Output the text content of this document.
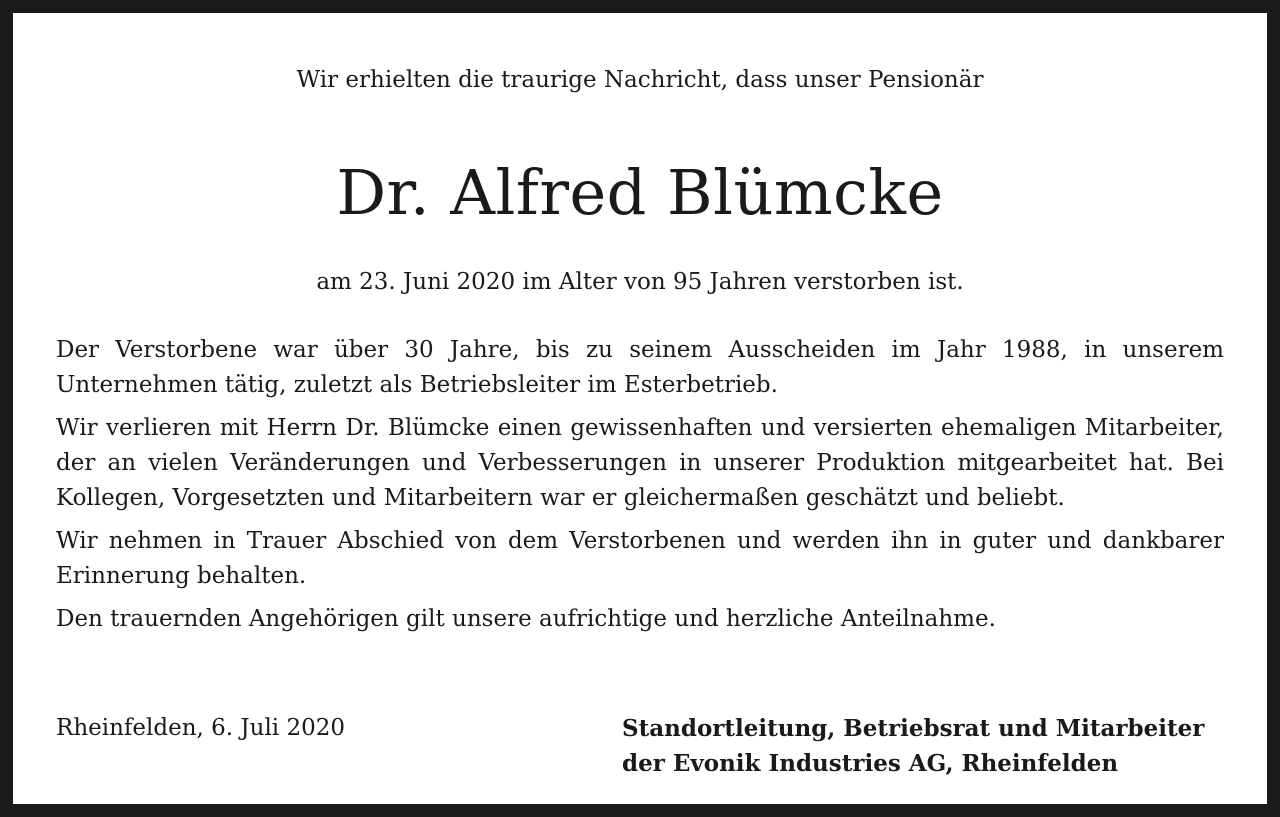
Wir erhielten die traurige Nachricht, dass unser Pensionär
Dr. Alfred Blümcke
am 23. Juni 2020 im Alter von 95 Jahren verstorben ist.

Der Verstorbene war über 30 Jahre, bis zu seinem Ausscheiden im Jahr 1988, in unserem Unternehmen tätig, zuletzt als Betriebsleiter im Esterbetrieb.

Wir verlieren mit Herrn Dr. Blümcke einen gewissenhaften und versierten ehemaligen Mitarbeiter, der an vielen Veränderungen und Verbesserungen in unserer Produktion mitgearbeitet hat. Bei Kollegen, Vorgesetzten und Mitarbeitern war er gleichermaßen geschätzt und beliebt.

Wir nehmen in Trauer Abschied von dem Verstorbenen und werden ihn in guter und dankbarer Erinnerung behalten.

Den trauernden Angehörigen gilt unsere aufrichtige und herzliche Anteilnahme.

Rheinfelden, 6. Juli 2020	Standortleitung, Betriebsrat und Mitarbeiter
der Evonik Industries AG, Rheinfelden
